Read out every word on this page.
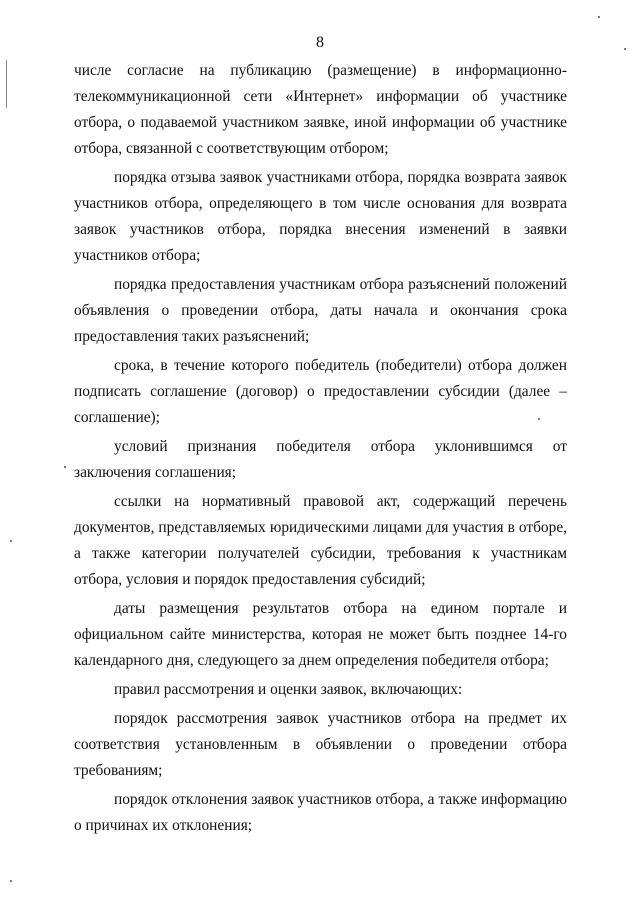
8

числе согласие на публикацию (размещение) в информационно-телекоммуникационной сети «Интернет» информации об участнике отбора, о подаваемой участником заявке, иной информации об участнике отбора, связанной с соответствующим отбором;

порядка отзыва заявок участниками отбора, порядка возврата заявок участников отбора, определяющего в том числе основания для возврата заявок участников отбора, порядка внесения изменений в заявки участников отбора;

порядка предоставления участникам отбора разъяснений положений объявления о проведении отбора, даты начала и окончания срока предоставления таких разъяснений;

срока, в течение которого победитель (победители) отбора должен подписать соглашение (договор) о предоставлении субсидии (далее – соглашение);

условий признания победителя отбора уклонившимся от заключения соглашения;

ссылки на нормативный правовой акт, содержащий перечень документов, представляемых юридическими лицами для участия в отборе, а также категории получателей субсидии, требования к участникам отбора, условия и порядок предоставления субсидий;

даты размещения результатов отбора на едином портале и официальном сайте министерства, которая не может быть позднее 14-го календарного дня, следующего за днем определения победителя отбора;

правил рассмотрения и оценки заявок, включающих:

порядок рассмотрения заявок участников отбора на предмет их соответствия установленным в объявлении о проведении отбора требованиям;

порядок отклонения заявок участников отбора, а также информацию о причинах их отклонения;
